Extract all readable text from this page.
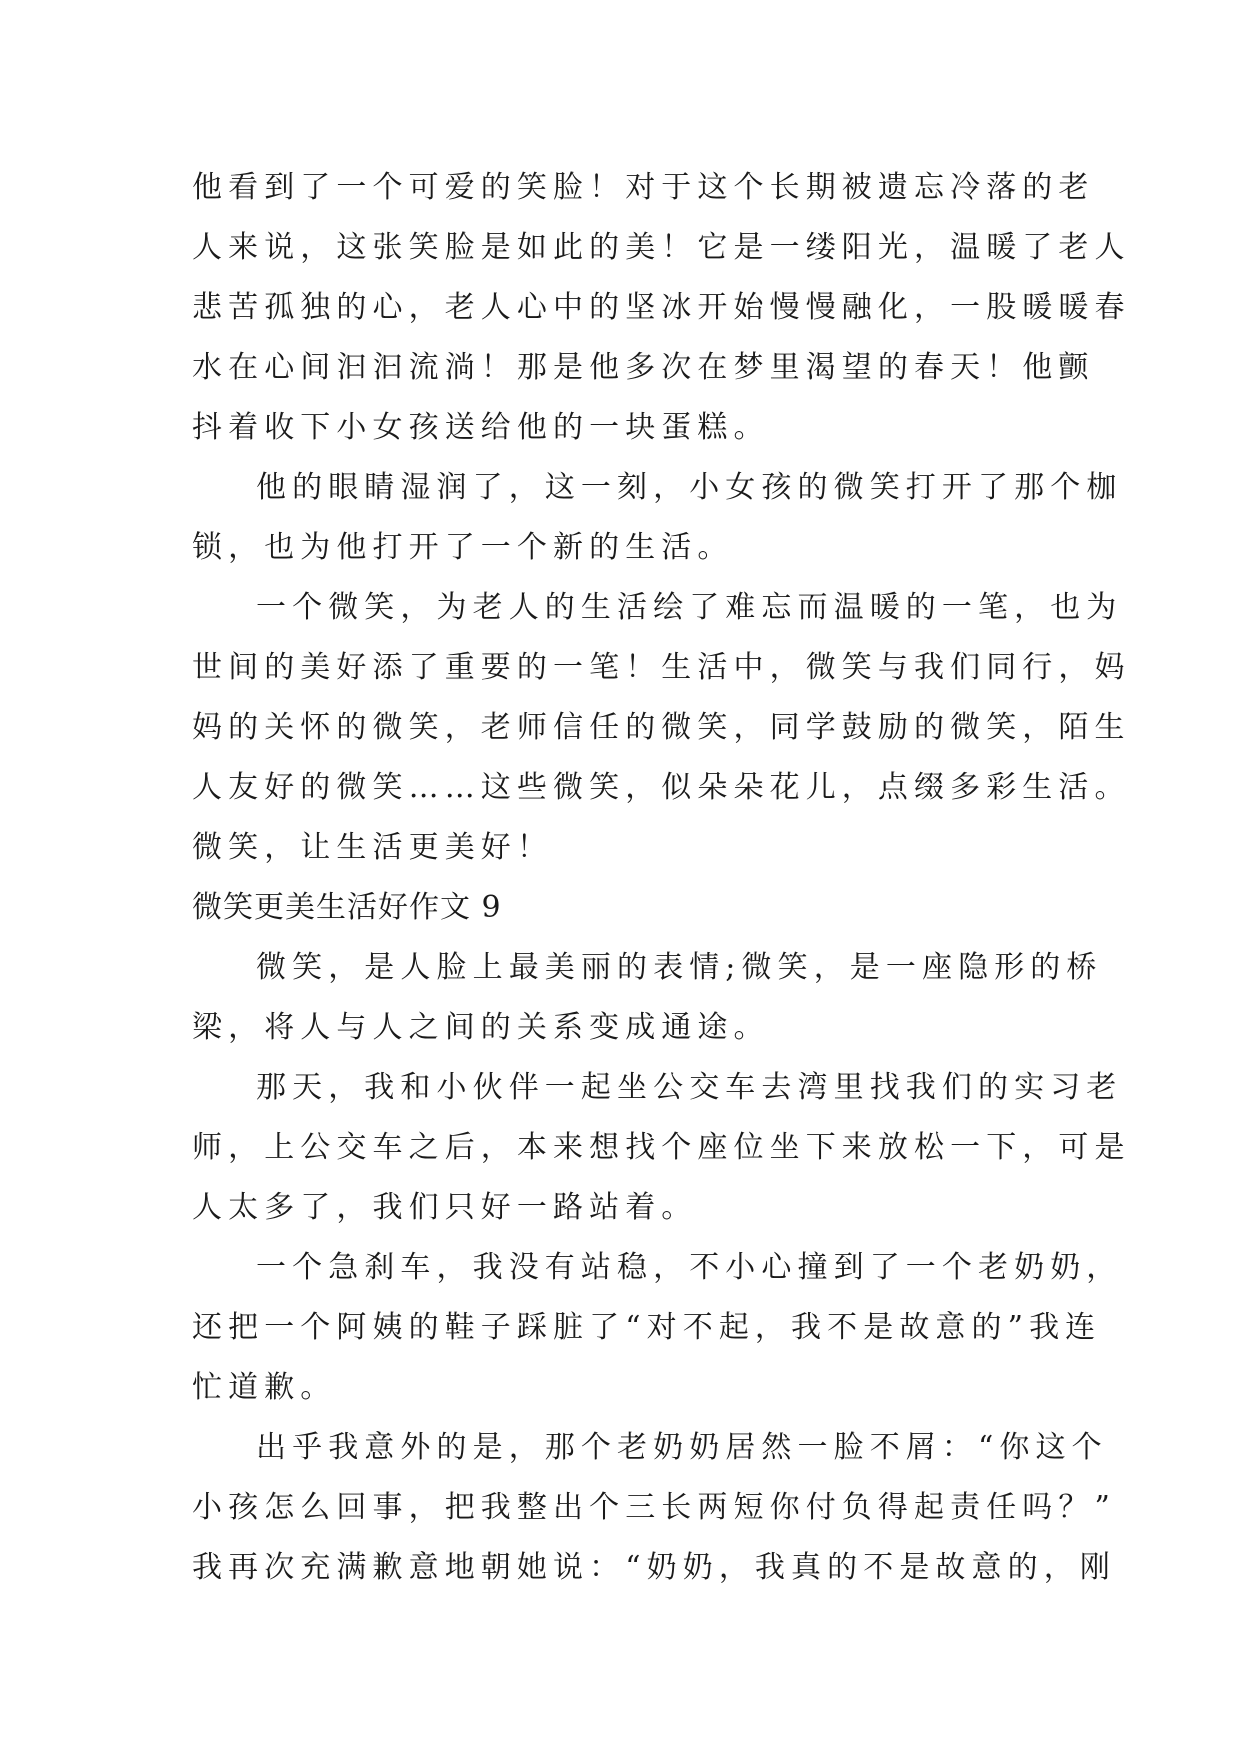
他看到了一个可爱的笑脸！对于这个长期被遗忘冷落的老
人来说，这张笑脸是如此的美！它是一缕阳光，温暖了老人
悲苦孤独的心，老人心中的坚冰开始慢慢融化，一股暖暖春
水在心间汩汩流淌！那是他多次在梦里渴望的春天！他颤
抖着收下小女孩送给他的一块蛋糕。
他的眼睛湿润了，这一刻，小女孩的微笑打开了那个枷
锁，也为他打开了一个新的生活。
一个微笑，为老人的生活绘了难忘而温暖的一笔，也为
世间的美好添了重要的一笔！生活中，微笑与我们同行，妈
妈的关怀的微笑，老师信任的微笑，同学鼓励的微笑，陌生
人友好的微笑……这些微笑，似朵朵花儿，点缀多彩生活。
微笑，让生活更美好！
微笑更美生活好作文 9
微笑，是人脸上最美丽的表情;微笑，是一座隐形的桥
梁，将人与人之间的关系变成通途。
那天，我和小伙伴一起坐公交车去湾里找我们的实习老
师，上公交车之后，本来想找个座位坐下来放松一下，可是
人太多了，我们只好一路站着。
一个急刹车，我没有站稳，不小心撞到了一个老奶奶，
还把一个阿姨的鞋子踩脏了“对不起，我不是故意的”我连
忙道歉。
出乎我意外的是，那个老奶奶居然一脸不屑：“你这个
小孩怎么回事，把我整出个三长两短你付负得起责任吗？”
我再次充满歉意地朝她说：“奶奶，我真的不是故意的，刚
